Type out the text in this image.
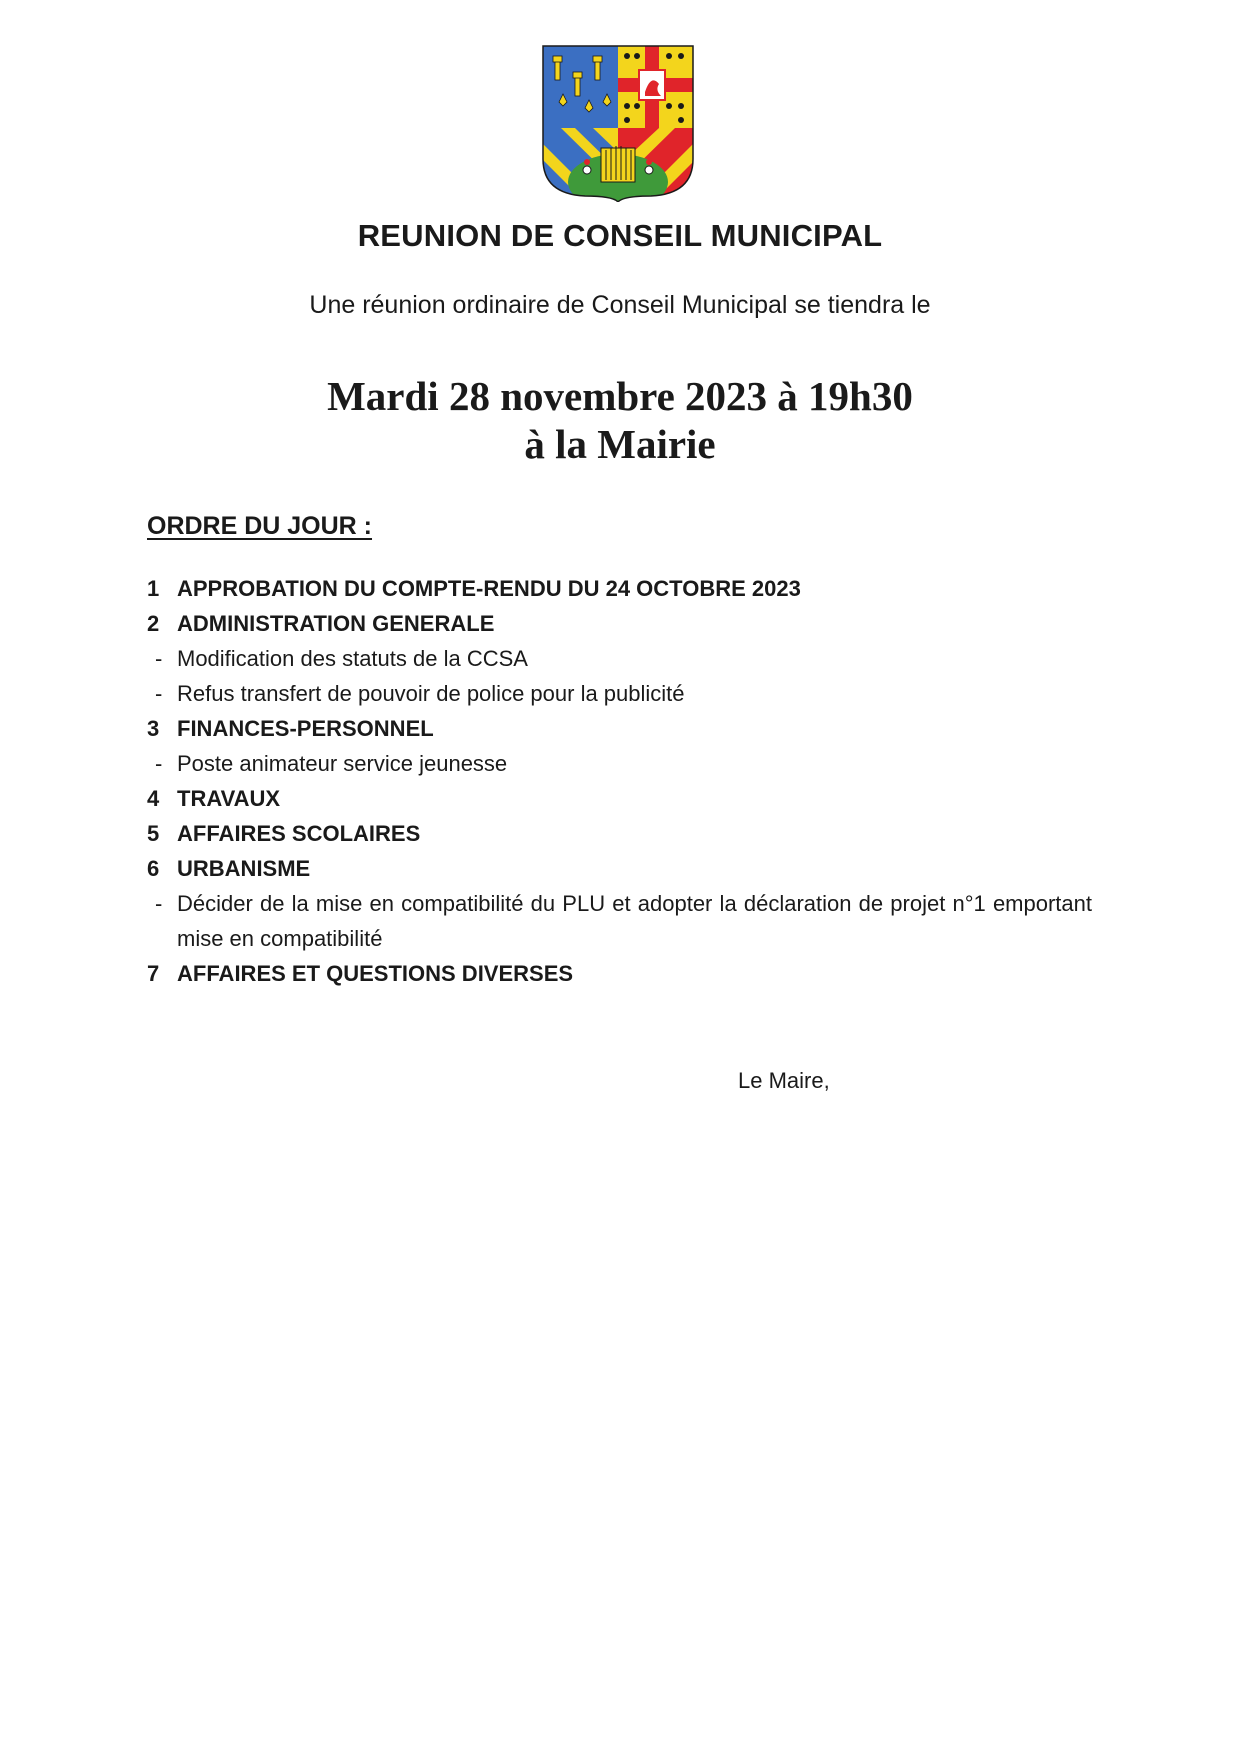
REUNION DE CONSEIL MUNICIPAL
Une réunion ordinaire de Conseil Municipal se tiendra le
Mardi 28 novembre 2023 à 19h30
à la Mairie
ORDRE DU JOUR :
1 APPROBATION DU COMPTE-RENDU DU 24 OCTOBRE 2023
2 ADMINISTRATION GENERALE
- Modification des statuts de la CCSA
- Refus transfert de pouvoir de police pour la publicité
3 FINANCES-PERSONNEL
- Poste animateur service jeunesse
4 TRAVAUX
5 AFFAIRES SCOLAIRES
6 URBANISME
- Décider de la mise en compatibilité du PLU et adopter la déclaration de projet n°1 emportant mise en compatibilité
7 AFFAIRES ET QUESTIONS DIVERSES
Le Maire,
